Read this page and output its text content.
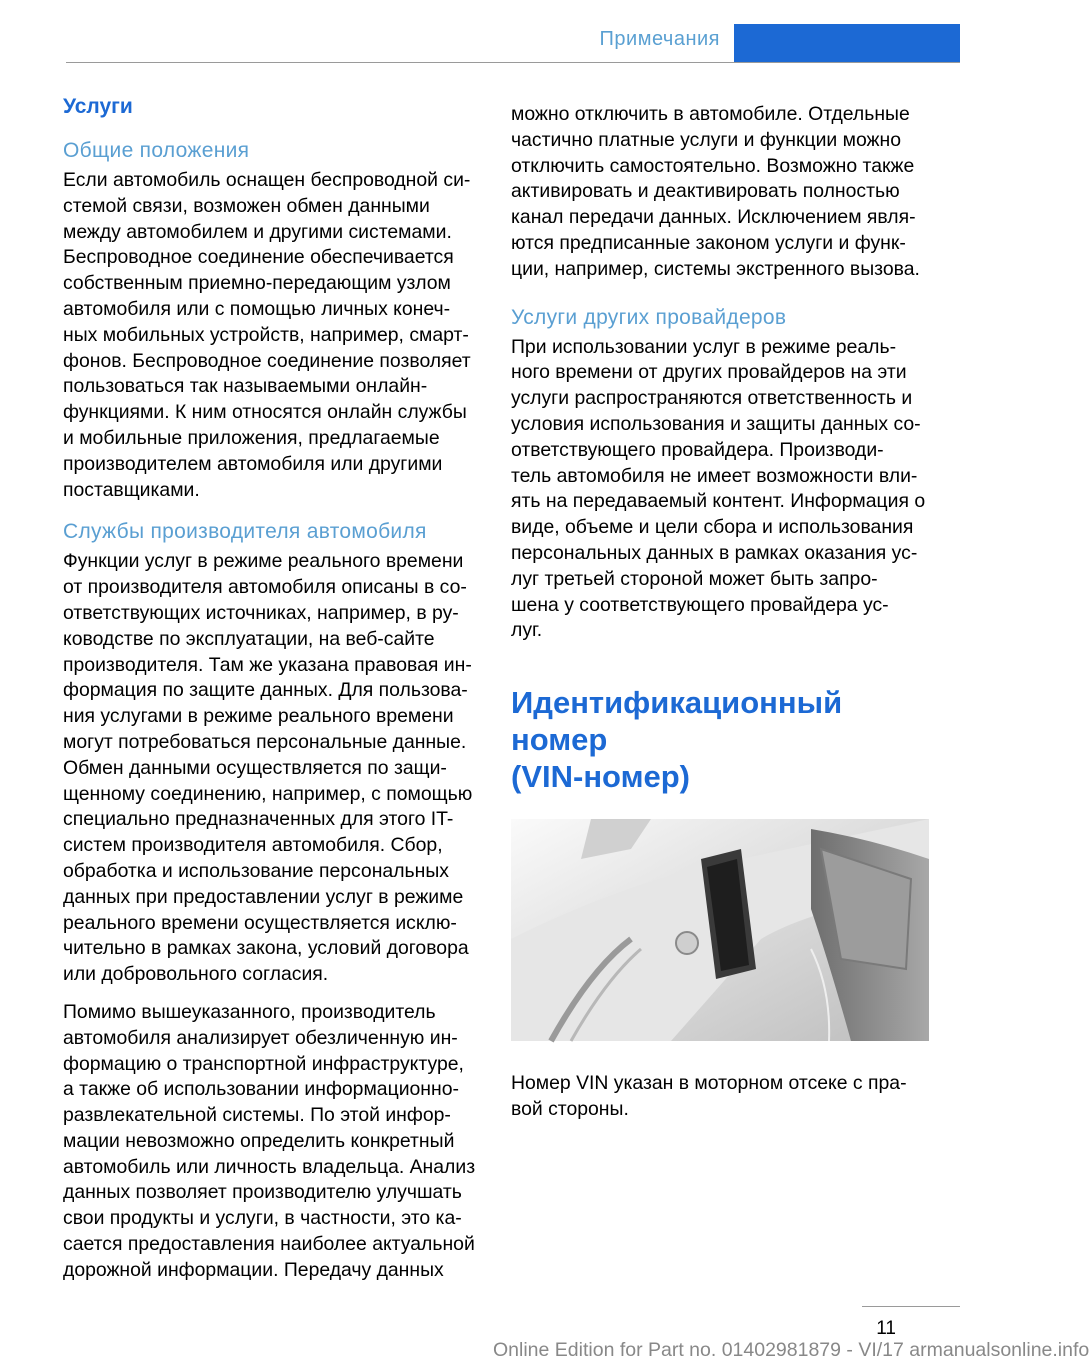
Примечания
Услуги
Общие положения

Если автомобиль оснащен беспроводной си-

стемой связи, возможен обмен данными

между автомобилем и другими системами.

Беспроводное соединение обеспечивается

собственным приемно-передающим узлом

автомобиля или с помощью личных конеч-

ных мобильных устройств, например, смарт-

фонов. Беспроводное соединение позволяет

пользоваться так называемыми онлайн-

функциями. К ним относятся онлайн службы

и мобильные приложения, предлагаемые

производителем автомобиля или другими

поставщиками.

Службы производителя автомобиля

Функции услуг в режиме реального времени

от производителя автомобиля описаны в со-

ответствующих источниках, например, в ру-

ководстве по эксплуатации, на веб-сайте

производителя. Там же указана правовая ин-

формация по защите данных. Для пользова-

ния услугами в режиме реального времени

могут потребоваться персональные данные.

Обмен данными осуществляется по защи-

щенному соединению, например, с помощью

специально предназначенных для этого IT-

систем производителя автомобиля. Сбор,

обработка и использование персональных

данных при предоставлении услуг в режиме

реального времени осуществляется исклю-

чительно в рамках закона, условий договора

или добровольного согласия.

Помимо вышеуказанного, производитель

автомобиля анализирует обезличенную ин-

формацию о транспортной инфраструктуре,

а также об использовании информационно-

развлекательной системы. По этой инфор-

мации невозможно определить конкретный

автомобиль или личность владельца. Анализ

данных позволяет производителю улучшать

свои продукты и услуги, в частности, это ка-

сается предоставления наиболее актуальной

дорожной информации. Передачу данных

можно отключить в автомобиле. Отдельные

частично платные услуги и функции можно

отключить самостоятельно. Возможно также

активировать и деактивировать полностью

канал передачи данных. Исключением явля-

ются предписанные законом услуги и функ-

ции, например, системы экстренного вызова.

Услуги других провайдеров

При использовании услуг в режиме реаль-

ного времени от других провайдеров на эти

услуги распространяются ответственность и

условия использования и защиты данных со-

ответствующего провайдера. Производи-

тель автомобиля не имеет возможности вли-

ять на передаваемый контент. Информация о

виде, объеме и цели сбора и использования

персональных данных в рамках оказания ус-

луг третьей стороной может быть запро-

шена у соответствующего провайдера ус-

луг.

Идентификационный номер
(VIN-номер)

Номер VIN указан в моторном отсеке с пра-

вой стороны.

11
Online Edition for Part no. 01402981879 - VI/17 armanualsonline.info
